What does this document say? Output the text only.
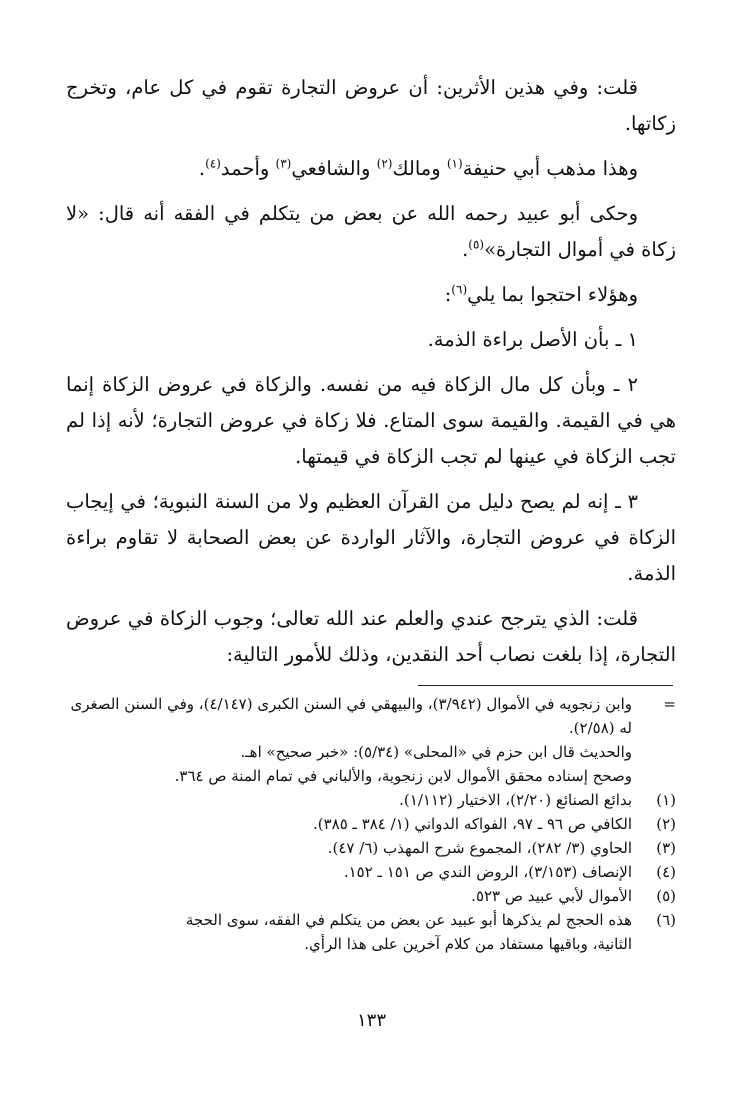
قلت: وفي هذين الأثرين: أن عروض التجارة تقوم في كل عام، وتخرج زكاتها.

وهذا مذهب أبي حنيفة$^{(١)}$ ومالك$^{(٢)}$ والشافعي$^{(٣)}$ وأحمد$^{(٤)}$.

وحكى أبو عبيد رحمه الله عن بعض من يتكلم في الفقه أنه قال: «لا زكاة في أموال التجارة»$^{(٥)}$.

وهؤلاء احتجوا بما يلي$^{(٦)}$:

١ ـ بأن الأصل براءة الذمة.

٢ ـ وبأن كل مال الزكاة فيه من نفسه. والزكاة في عروض الزكاة إنما هي في القيمة. والقيمة سوى المتاع. فلا زكاة في عروض التجارة؛ لأنه إذا لم تجب الزكاة في عينها لم تجب الزكاة في قيمتها.

٣ ـ إنه لم يصح دليل من القرآن العظيم ولا من السنة النبوية؛ في إيجاب الزكاة في عروض التجارة، والآثار الواردة عن بعض الصحابة لا تقاوم براءة الذمة.

قلت: الذي يترجح عندي والعلم عند الله تعالى؛ وجوب الزكاة في عروض التجارة، إذا بلغت نصاب أحد النقدين، وذلك للأمور التالية:

=
وابن زنجويه في الأموال (٣/٩٤٢)، والبيهقي في السنن الكبرى (٤/١٤٧)، وفي السنن الصغرى له (٢/٥٨).
والحديث قال ابن حزم في «المحلى» (٥/٣٤): «خبر صحيح» اهـ.
وصحح إسناده محقق الأموال لابن زنجوية، والألباني في تمام المنة ص ٣٦٤.
(١)
بدائع الصنائع (٢/٢٠)، الاختيار (١/١١٢).
(٢)
الكافي ص ٩٦ ـ ٩٧، الفواكه الدواني (١/ ٣٨٤ ـ ٣٨٥).
(٣)
الحاوي (٣/ ٢٨٢)، المجموع شرح المهذب (٦/ ٤٧).
(٤)
الإنصاف (٣/١٥٣)، الروض الندي ص ١٥١ ـ ١٥٢.
(٥)
الأموال لأبي عبيد ص ٥٢٣.
(٦)
هذه الحجج لم يذكرها أبو عبيد عن بعض من يتكلم في الفقه، سوى الحجة
الثانية، وباقيها مستفاد من كلام آخرين على هذا الرأي.
١٣٣
